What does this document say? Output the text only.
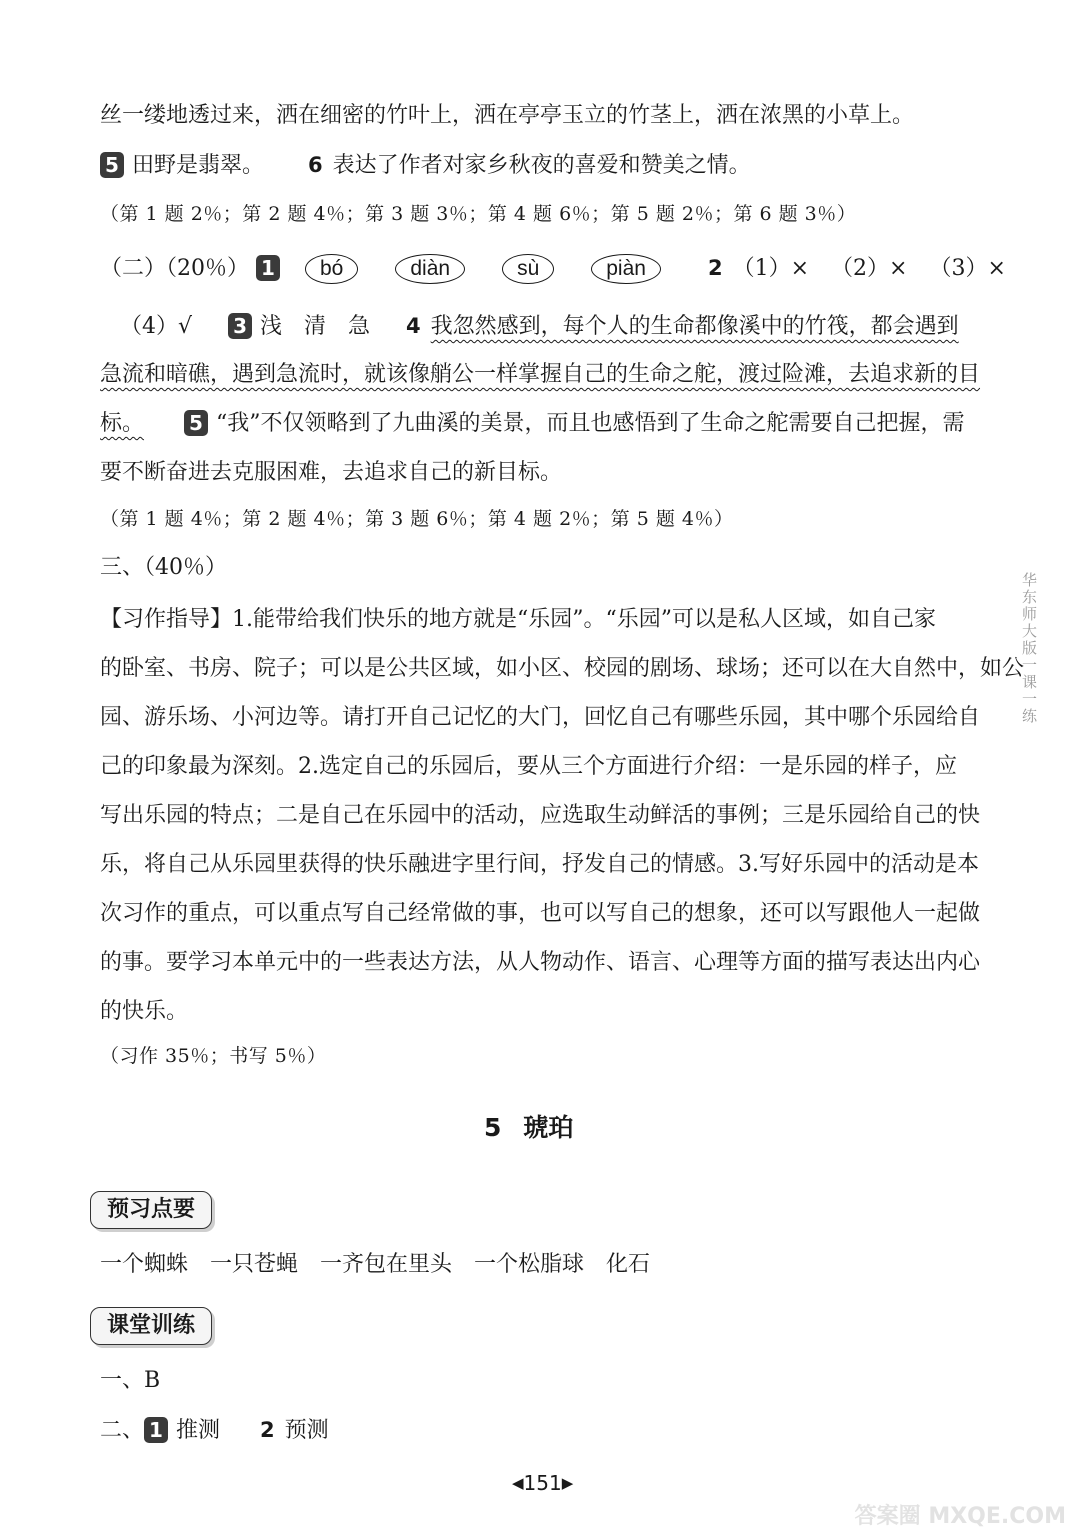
丝一缕地透过来，洒在细密的竹叶上，洒在亭亭玉立的竹茎上，洒在浓黑的小草上。
5 田野是翡翠。 6 表达了作者对家乡秋夜的喜爱和赞美之情。
（第 1 题 2％；第 2 题 4％；第 3 题 3％；第 4 题 6％；第 5 题 2％；第 6 题 3％）
（二）（20％） 1 bó	diàn	sù	piàn	2 （1）× （2）× （3）×
（4）√ 3 浅　清　急 4 我忽然感到，每个人的生命都像溪中的竹筏，都会遇到
急流和暗礁，遇到急流时，就该像艄公一样掌握自己的生命之舵，渡过险滩，去追求新的目
标。 5 “我”不仅领略到了九曲溪的美景，而且也感悟到了生命之舵需要自己把握，需
要不断奋进去克服困难，去追求自己的新目标。
（第 1 题 4％；第 2 题 4％；第 3 题 6％；第 4 题 2％；第 5 题 4％）
三、（40％）
【习作指导】1.能带给我们快乐的地方就是“乐园”。“乐园”可以是私人区域，如自己家
的卧室、书房、院子；可以是公共区域，如小区、校园的剧场、球场；还可以在大自然中，如公
园、游乐场、小河边等。请打开自己记忆的大门，回忆自己有哪些乐园，其中哪个乐园给自
己的印象最为深刻。2.选定自己的乐园后，要从三个方面进行介绍：一是乐园的样子，应
写出乐园的特点；二是自己在乐园中的活动，应选取生动鲜活的事例；三是乐园给自己的快
乐，将自己从乐园里获得的快乐融进字里行间，抒发自己的情感。3.写好乐园中的活动是本
次习作的重点，可以重点写自己经常做的事，也可以写自己的想象，还可以写跟他人一起做
的事。要学习本单元中的一些表达方法，从人物动作、语言、心理等方面的描写表达出内心
的快乐。
（习作 35％；书写 5％）
5 琥珀
预习点要
一个蜘蛛　一只苍蝇　一齐包在里头　一个松脂球　化石
课堂训练
一、B
二、 1 推测 2 预测
华东师大版一课一练
◀151▶
答案圈 MXQE.COM
